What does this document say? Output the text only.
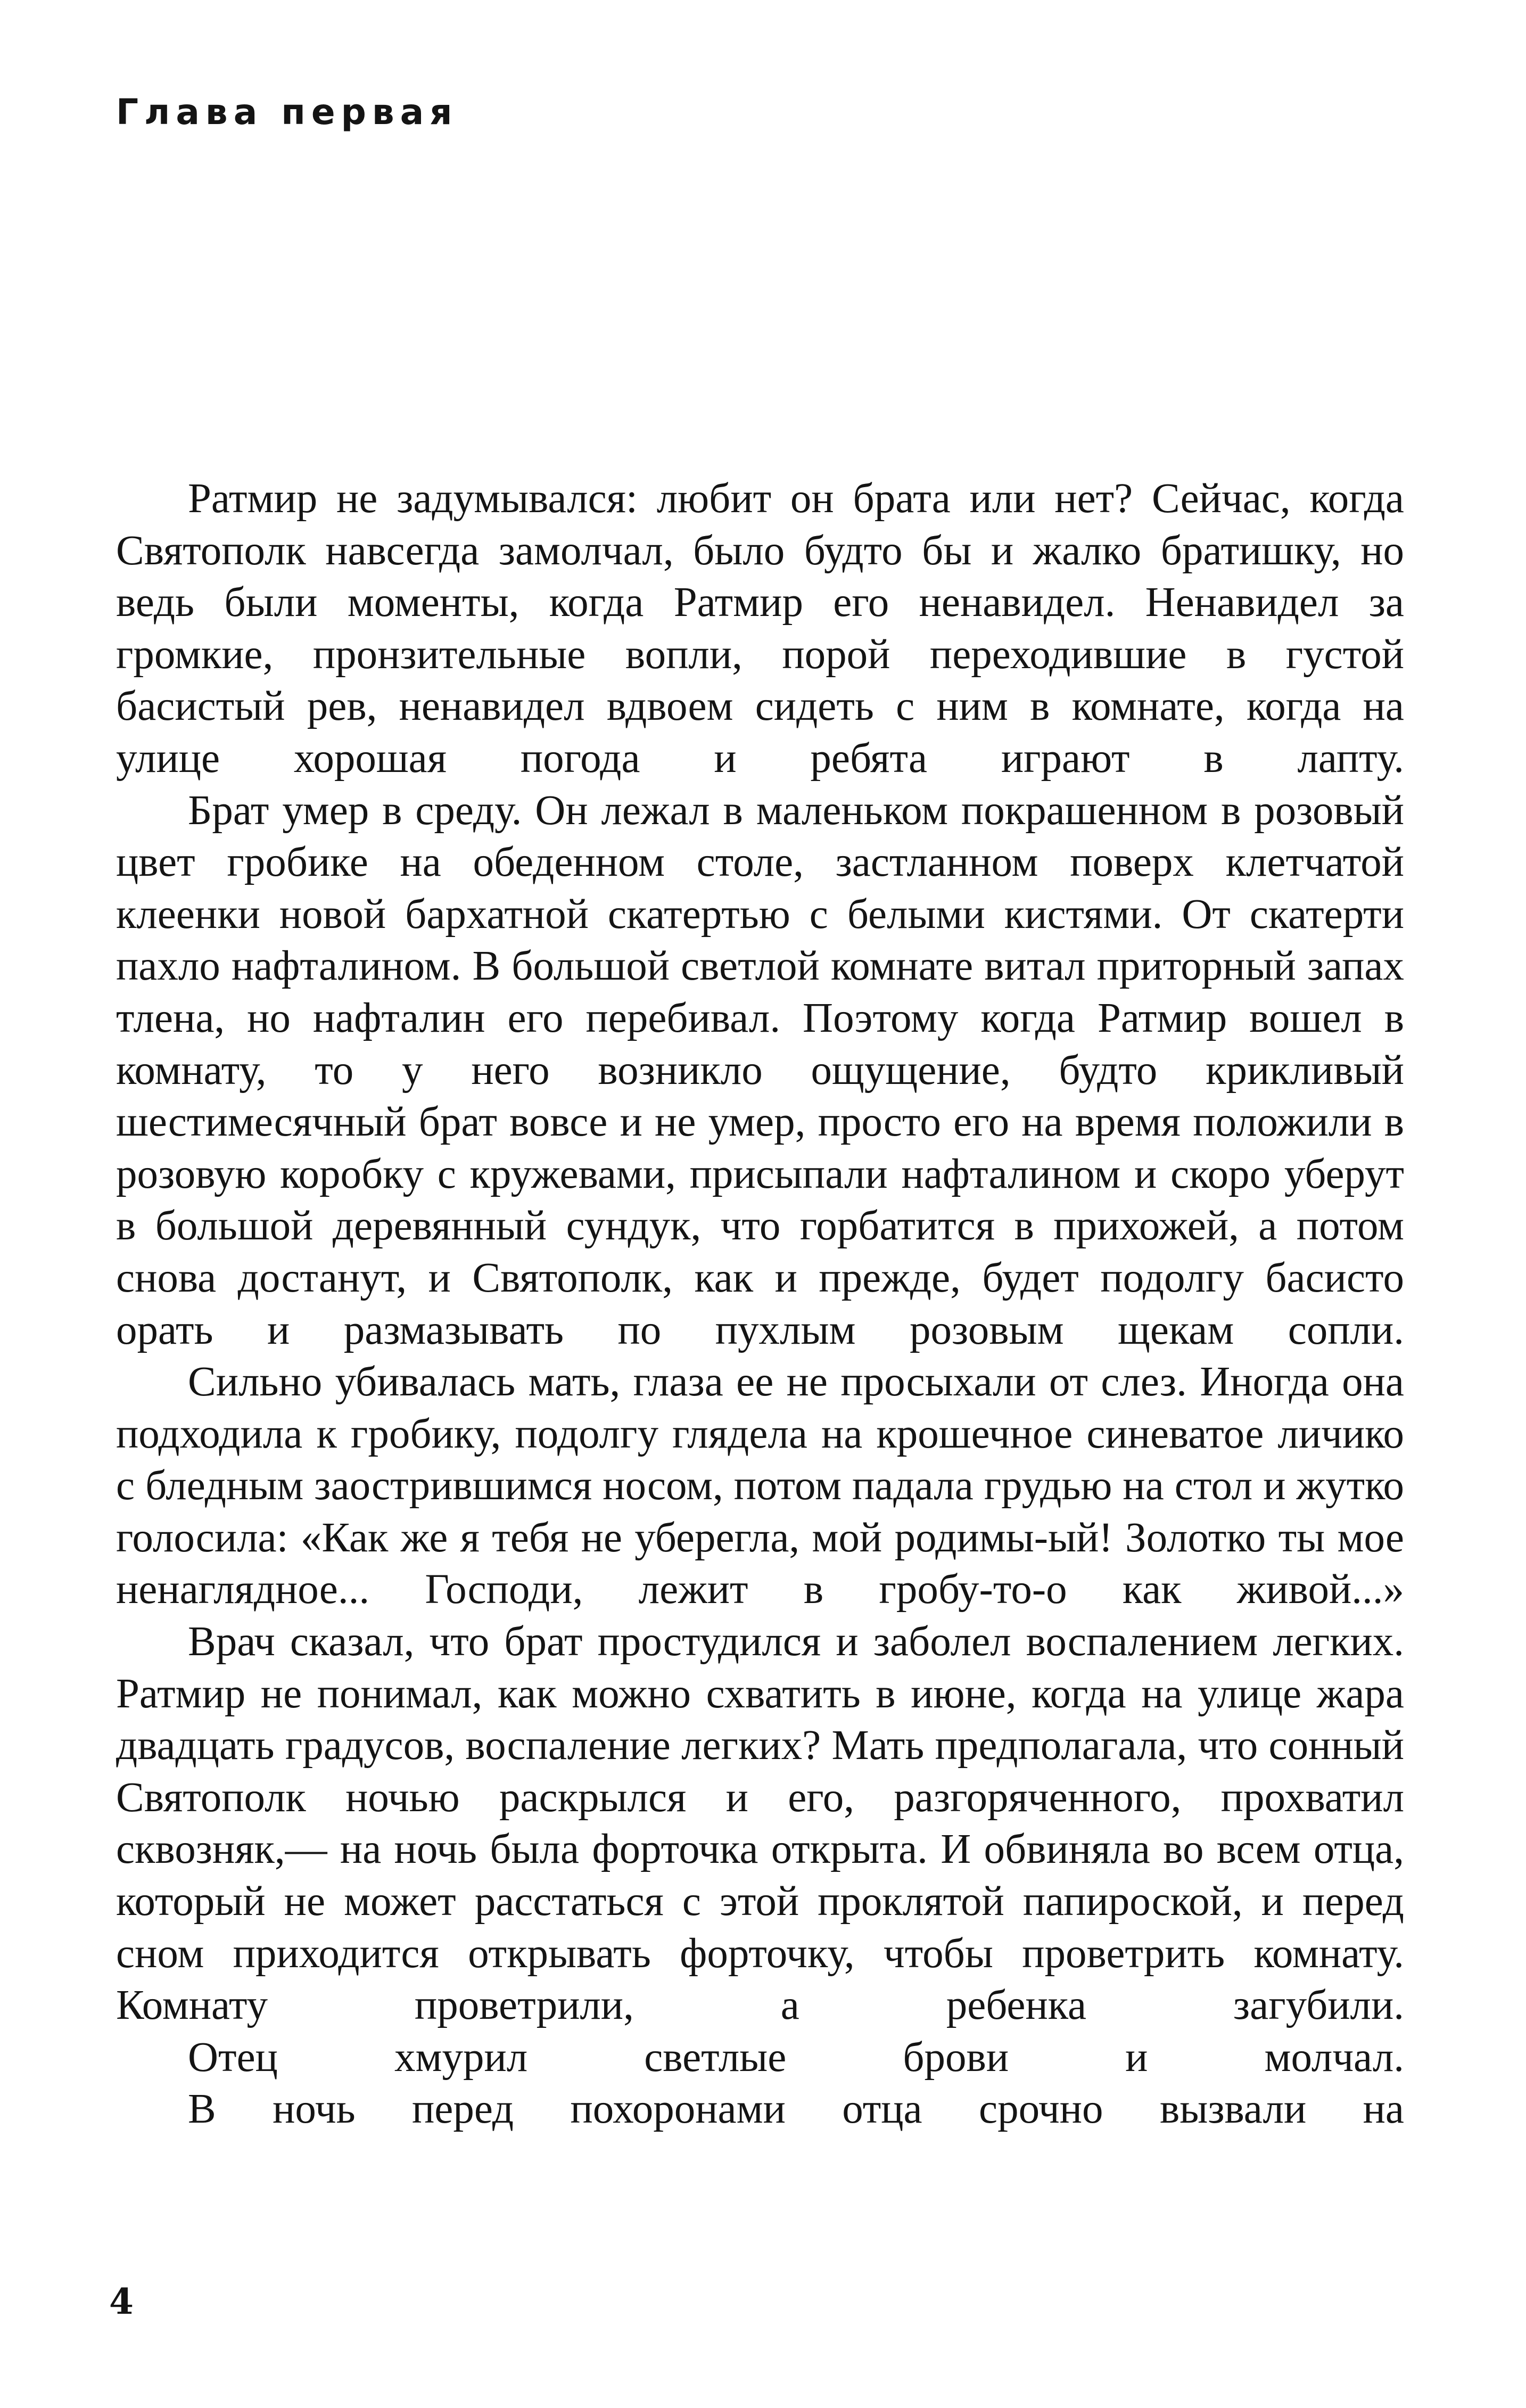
Глава первая

Ратмир не задумывался: любит он брата или нет? Сейчас, когда Святополк навсегда замолчал, было будто бы и жалко братишку, но ведь были моменты, когда Ратмир его ненавидел. Ненавидел за громкие, пронзительные вопли, порой переходившие в густой басистый рев, ненавидел вдвоем сидеть с ним в комнате, когда на улице хорошая погода и ребята играют в лапту.

Брат умер в среду. Он лежал в маленьком покрашенном в розовый цвет гробике на обеденном столе, застланном поверх клетчатой клеенки новой бархатной скатертью с белыми кистями. От скатерти пахло нафталином. В большой светлой комнате витал приторный запах тлена, но нафталин его перебивал. Поэтому когда Ратмир вошел в комнату, то у него возникло ощущение, будто крикливый шестимесячный брат вовсе и не умер, просто его на время положили в розовую коробку с кружевами, присыпали нафталином и скоро уберут в большой деревянный сундук, что горбатится в прихожей, а потом снова достанут, и Святополк, как и прежде, будет подолгу басисто орать и размазывать по пухлым розовым щекам сопли.

Сильно убивалась мать, глаза ее не просыхали от слез. Иногда она подходила к гробику, подолгу глядела на крошечное синеватое личико с бледным заострившимся носом, потом падала грудью на стол и жутко голосила: «Как же я тебя не уберегла, мой родимы-ый! Золотко ты мое ненаглядное... Господи, лежит в гробу-то-о как живой...»

Врач сказал, что брат простудился и заболел воспалением легких. Ратмир не понимал, как можно схватить в июне, когда на улице жара двадцать градусов, воспаление легких? Мать предполагала, что сонный Святополк ночью раскрылся и его, разгоряченного, прохватил сквозняк,— на ночь была форточка открыта. И обвиняла во всем отца, который не может расстаться с этой проклятой папироской, и перед сном приходится открывать форточку, чтобы проветрить комнату. Комнату проветрили, а ребенка загубили.

Отец хмурил светлые брови и молчал.

В ночь перед похоронами отца срочно вызвали на

4
